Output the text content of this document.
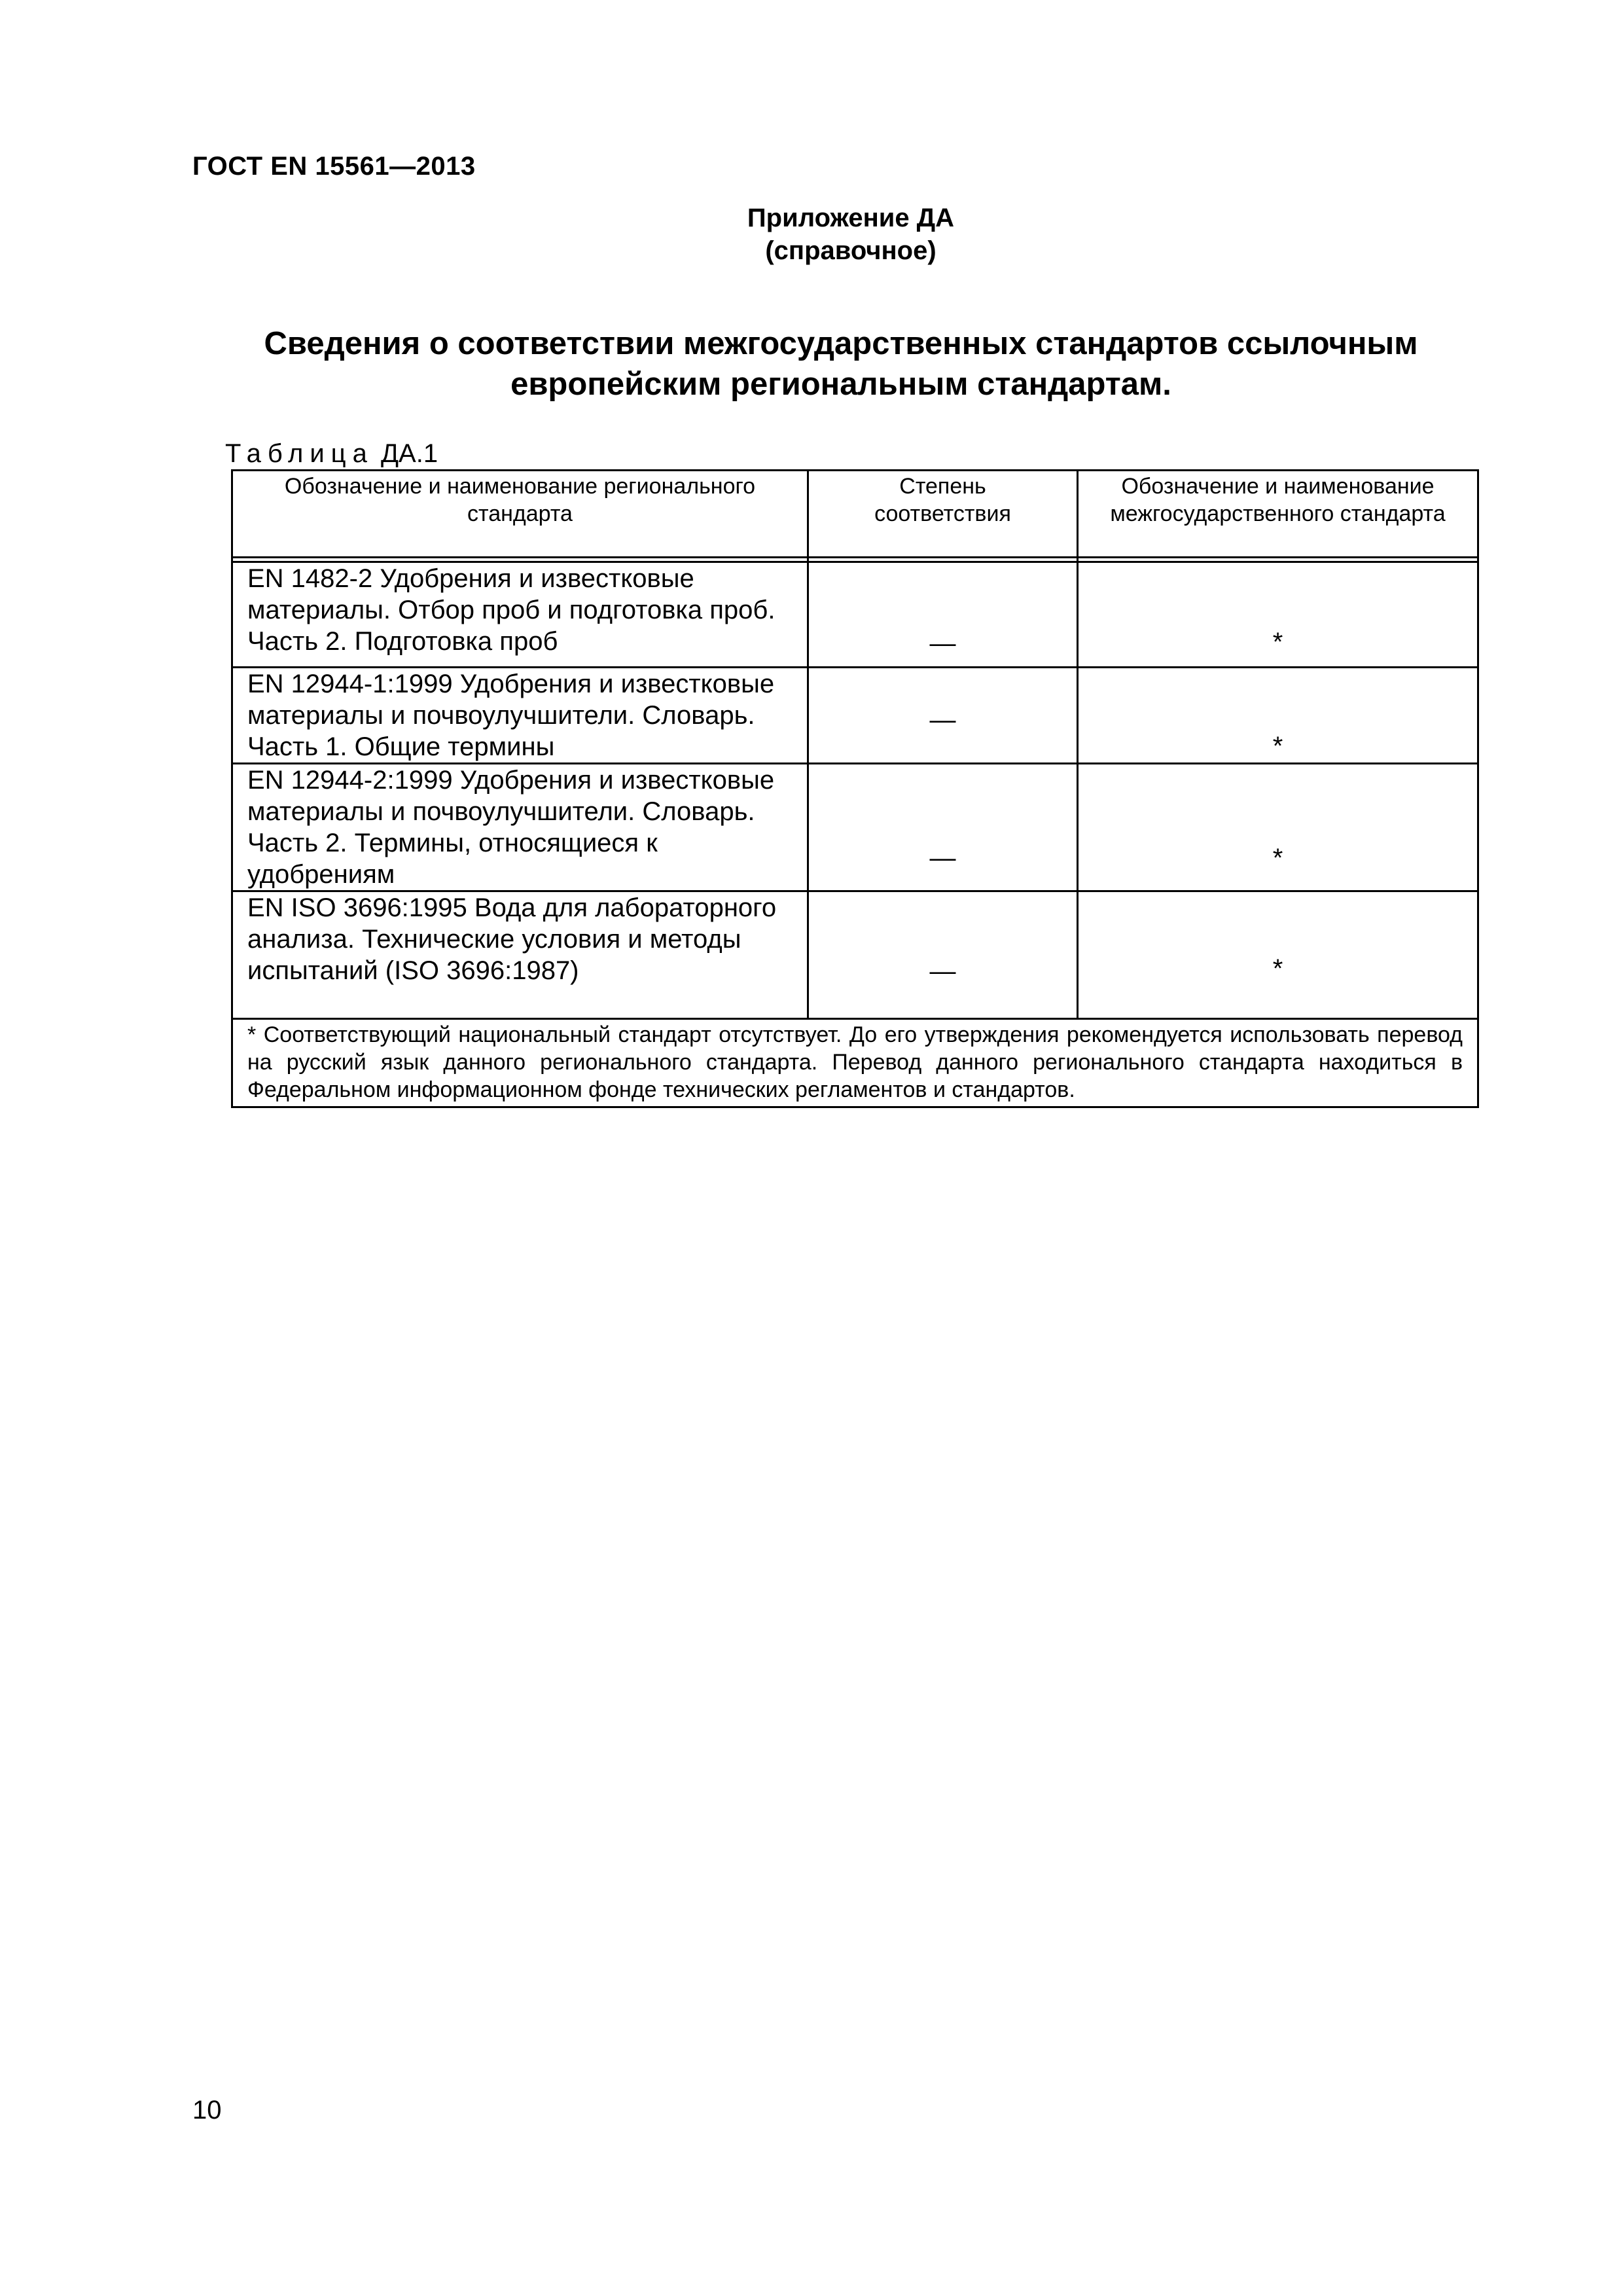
ГОСТ EN 15561—2013
Приложение ДА
(справочное)
Сведения о соответствии межгосударственных стандартов ссылочным
европейским региональным стандартам.
Таблица ДА.1
Обозначение и наименование регионального стандарта	Степень соответствия	Обозначение и наименование межгосударственного стандарта

EN 1482-2 Удобрения и известковые материалы. Отбор проб и подготовка проб. Часть 2. Подготовка проб	—	*

EN 12944-1:1999 Удобрения и известковые материалы и почвоулучшители. Словарь. Часть 1. Общие термины	—	*

EN 12944-2:1999 Удобрения и известковые материалы и почвоулучшители. Словарь. Часть 2. Термины, относящиеся к удобрениям	—	*

EN ISO 3696:1995 Вода для лабораторного анализа. Технические условия и методы испытаний (ISO 3696:1987)	—	*

* Соответствующий национальный стандарт отсутствует. До его утверждения рекомендуется использовать перевод на русский язык данного регионального стандарта. Перевод данного регионального стандарта находиться в Федеральном информационном фонде технических регламентов и стандартов.		
10
